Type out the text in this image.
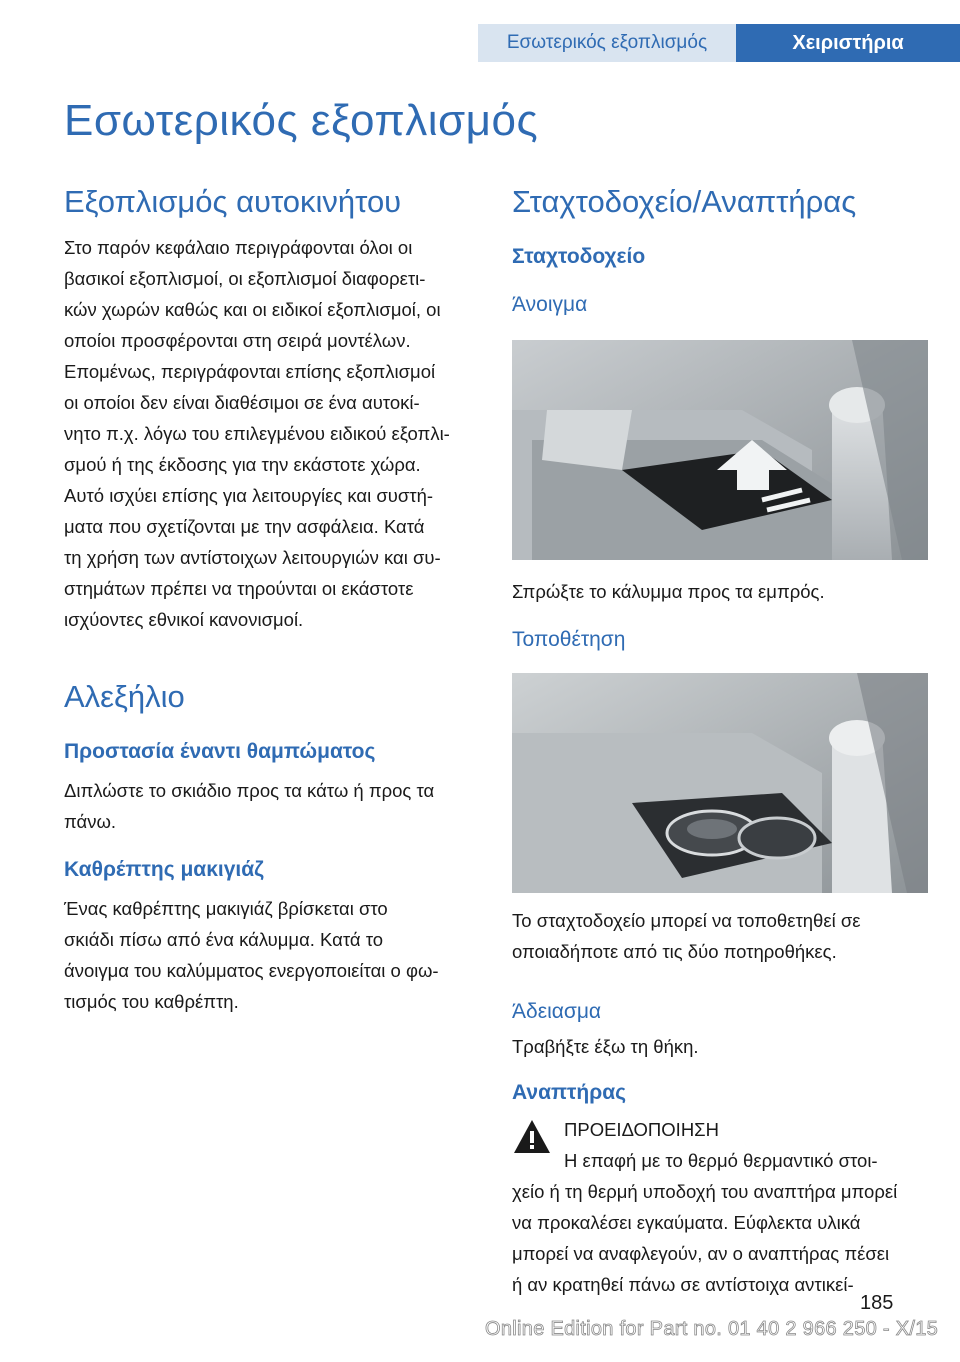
Εσωτερικός εξοπλισμός	Χειριστήρια
Εσωτερικός εξοπλισμός
Εξοπλισμός αυτοκινήτου

Στο παρόν κεφάλαιο περιγράφονται όλοι οι
βασικοί εξοπλισμοί, οι εξοπλισμοί διαφορετι-
κών χωρών καθώς και οι ειδικοί εξοπλισμοί, οι
οποίοι προσφέρονται στη σειρά μοντέλων.
Επομένως, περιγράφονται επίσης εξοπλισμοί
οι οποίοι δεν είναι διαθέσιμοι σε ένα αυτοκί-
νητο π.χ. λόγω του επιλεγμένου ειδικού εξοπλι-
σμού ή της έκδοσης για την εκάστοτε χώρα.
Αυτό ισχύει επίσης για λειτουργίες και συστή-
ματα που σχετίζονται με την ασφάλεια. Κατά
τη χρήση των αντίστοιχων λειτουργιών και συ-
στημάτων πρέπει να τηρούνται οι εκάστοτε
ισχύοντες εθνικοί κανονισμοί.

Αλεξήλιο
Προστασία έναντι θαμπώματος

Διπλώστε το σκιάδιο προς τα κάτω ή προς τα
πάνω.

Καθρέπτης μακιγιάζ

Ένας καθρέπτης μακιγιάζ βρίσκεται στο
σκιάδι πίσω από ένα κάλυμμα. Κατά το
άνοιγμα του καλύμματος ενεργοποιείται ο φω-
τισμός του καθρέπτη.

Σταχτοδοχείο/Αναπτήρας
Σταχτοδοχείο
Άνοιγμα

Σπρώξτε το κάλυμμα προς τα εμπρός.

Τοποθέτηση

Το σταχτοδοχείο μπορεί να τοποθετηθεί σε
οποιαδήποτε από τις δύο ποτηροθήκες.

Άδειασμα

Τραβήξτε έξω τη θήκη.

Αναπτήρας

ΠΡΟΕΙΔΟΠΟΙΗΣΗ

Η επαφή με το θερμό θερμαντικό στοι-

χείο ή τη θερμή υποδοχή του αναπτήρα μπορεί
να προκαλέσει εγκαύματα. Εύφλεκτα υλικά
μπορεί να αναφλεγούν, αν ο αναπτήρας πέσει
ή αν κρατηθεί πάνω σε αντίστοιχα αντικεί-

185
Online Edition for Part no. 01 40 2 966 250 - X/15
